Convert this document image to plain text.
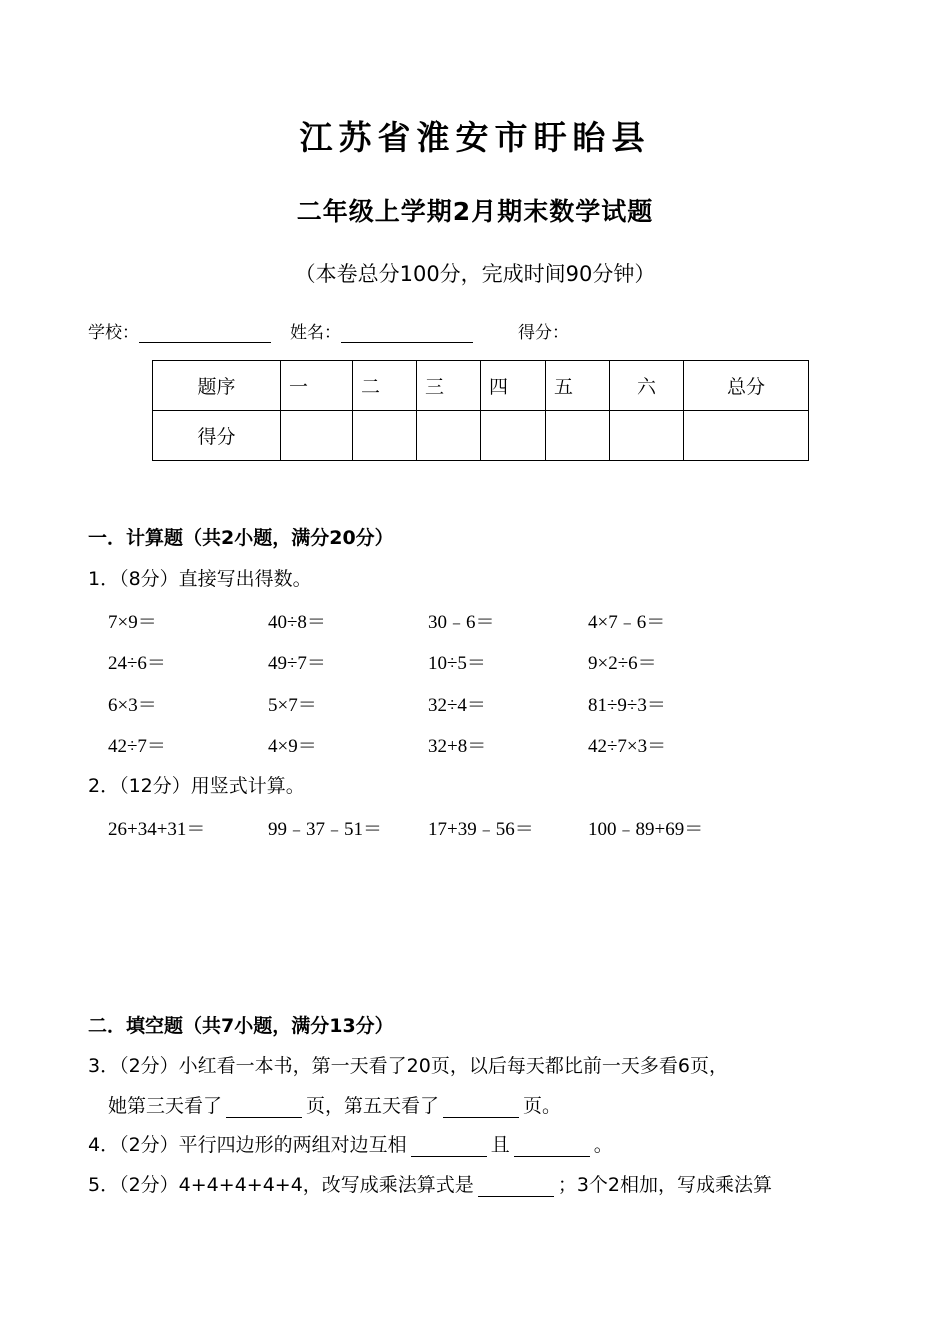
江苏省淮安市盱眙县
二年级上学期2月期末数学试题
（本卷总分100分，完成时间90分钟）
学校：	姓名：	得分：
题序	一	二	三	四	五	六	总分
得分							
一．计算题（共2小题，满分20分）
1．（8分）直接写出得数。
7×9＝	40÷8＝	30﹣6＝	4×7﹣6＝
24÷6＝	49÷7＝	10÷5＝	9×2÷6＝
6×3＝	5×7＝	32÷4＝	81÷9÷3＝
42÷7＝	4×9＝	32+8＝	42÷7×3＝
2．（12分）用竖式计算。
26+34+31＝	99﹣37﹣51＝ 17+39﹣56＝	100﹣89+69＝
二．填空题（共7小题，满分13分）
3．（2分）小红看一本书，第一天看了20页，以后每天都比前一天多看6页，
她第三天看了	页，第五天看了	页。
4．（2分）平行四边形的两组对边互相	且	。
5．（2分）4+4+4+4+4，改写成乘法算式是	；3个2相加，写成乘法算
